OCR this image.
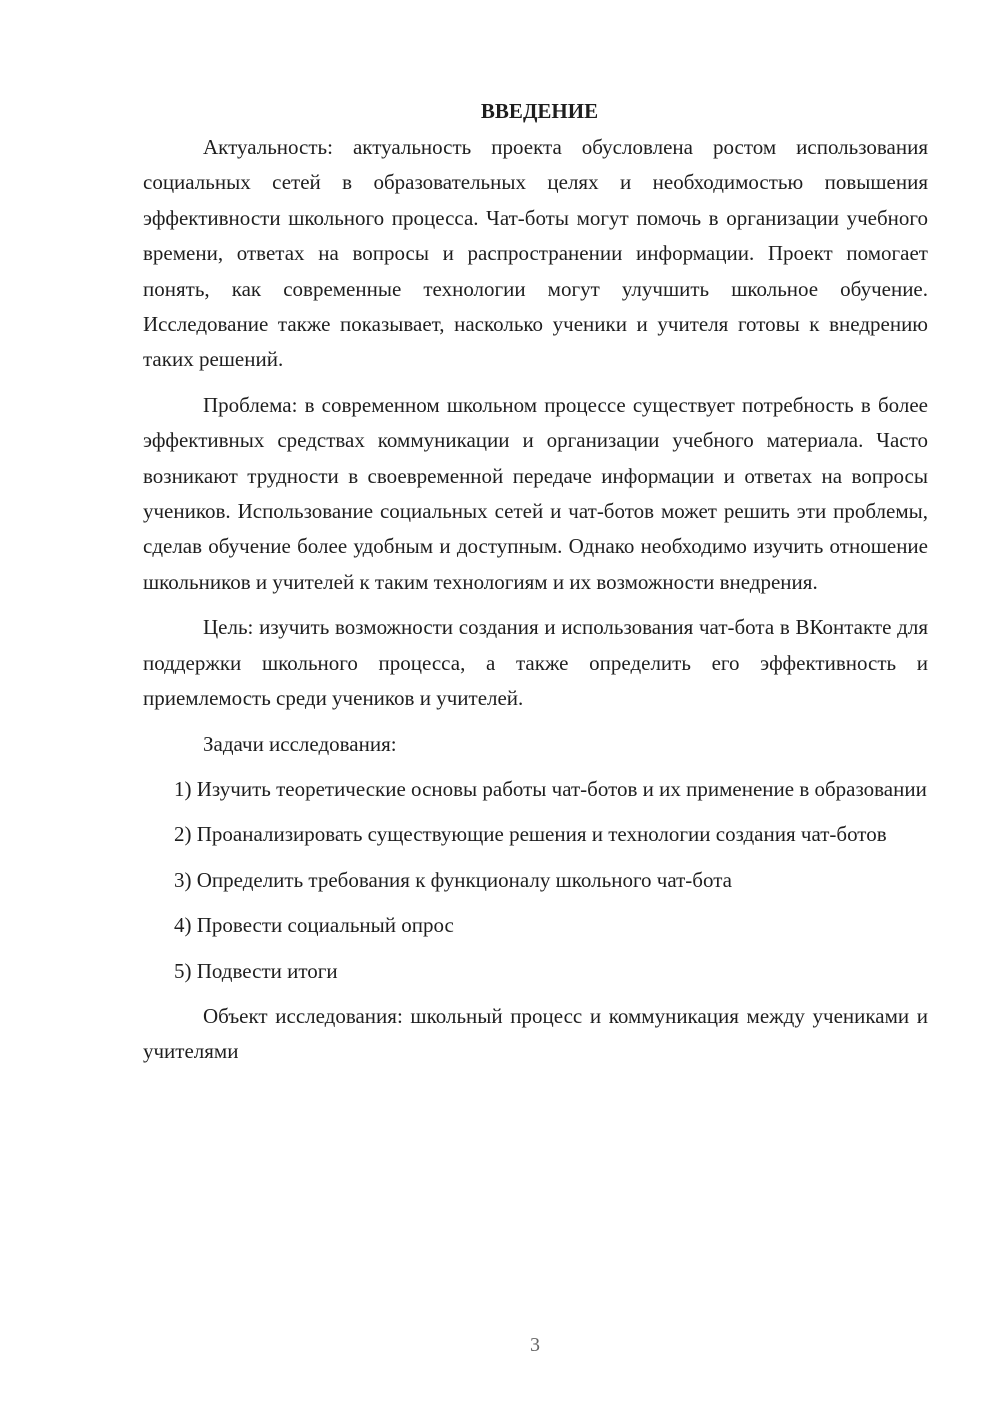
ВВЕДЕНИЕ

Актуальность: актуальность проекта обусловлена ростом использования социальных сетей в образовательных целях и необходимостью повышения эффективности школьного процесса. Чат-боты могут помочь в организации учебного времени, ответах на вопросы и распространении информации. Проект помогает понять, как современные технологии могут улучшить школьное обучение. Исследование также показывает, насколько ученики и учителя готовы к внедрению таких решений.

Проблема: в современном школьном процессе существует потребность в более эффективных средствах коммуникации и организации учебного материала. Часто возникают трудности в своевременной передаче информации и ответах на вопросы учеников. Использование социальных сетей и чат-ботов может решить эти проблемы, сделав обучение более удобным и доступным. Однако необходимо изучить отношение школьников и учителей к таким технологиям и их возможности внедрения.

Цель: изучить возможности создания и использования чат-бота в ВКонтакте для поддержки школьного процесса, а также определить его эффективность и приемлемость среди учеников и учителей.

Задачи исследования:

1) Изучить теоретические основы работы чат-ботов и их применение в образовании

2) Проанализировать существующие решения и технологии создания чат-ботов

3) Определить требования к функционалу школьного чат-бота

4) Провести социальный опрос

5) Подвести итоги

Объект исследования: школьный процесс и коммуникация между учениками и учителями

3
